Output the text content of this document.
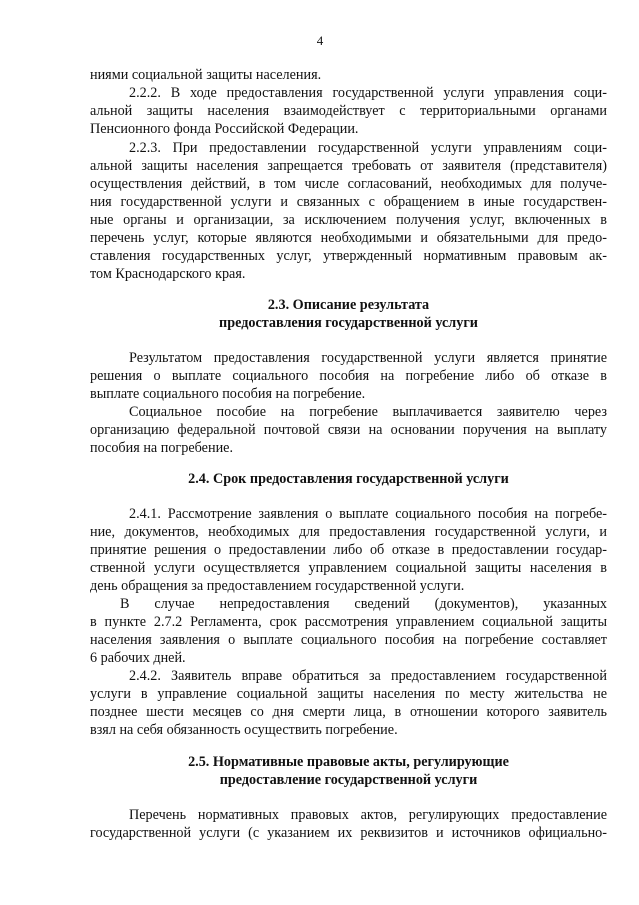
4
ниями социальной защиты населения.
2.2.2. В ходе предоставления государственной услуги управления соци-
альной защиты населения взаимодействует с территориальными органами
Пенсионного фонда Российской Федерации.
2.2.3. При предоставлении государственной услуги управлениям соци-
альной защиты населения запрещается требовать от заявителя (представителя)
осуществления действий, в том числе согласований, необходимых для получе-
ния государственной услуги и связанных с обращением в иные государствен-
ные органы и организации, за исключением получения услуг, включенных в
перечень услуг, которые являются необходимыми и обязательными для предо-
ставления государственных услуг, утвержденный нормативным правовым ак-
том Краснодарского края.
2.3. Описание результата
предоставления государственной услуги
Результатом предоставления государственной услуги является принятие
решения о выплате социального пособия на погребение либо об отказе в
выплате социального пособия на погребение.
Социальное пособие на погребение выплачивается заявителю через
организацию федеральной почтовой связи на основании поручения на выплату
пособия на погребение.
2.4. Срок предоставления государственной услуги
2.4.1. Рассмотрение заявления о выплате социального пособия на погребе-
ние, документов, необходимых для предоставления государственной услуги, и
принятие решения о предоставлении либо об отказе в предоставлении государ-
ственной услуги осуществляется управлением социальной защиты населения в
день обращения за предоставлением государственной услуги.
В случае непредоставления сведений (документов), указанных
в пункте 2.7.2 Регламента, срок рассмотрения управлением социальной защиты
населения заявления о выплате социального пособия на погребение составляет
6 рабочих дней.
2.4.2. Заявитель вправе обратиться за предоставлением государственной
услуги в управление социальной защиты населения по месту жительства не
позднее шести месяцев со дня смерти лица, в отношении которого заявитель
взял на себя обязанность осуществить погребение.
2.5. Нормативные правовые акты, регулирующие
предоставление государственной услуги
Перечень нормативных правовых актов, регулирующих предоставление
государственной услуги (с указанием их реквизитов и источников официально-
